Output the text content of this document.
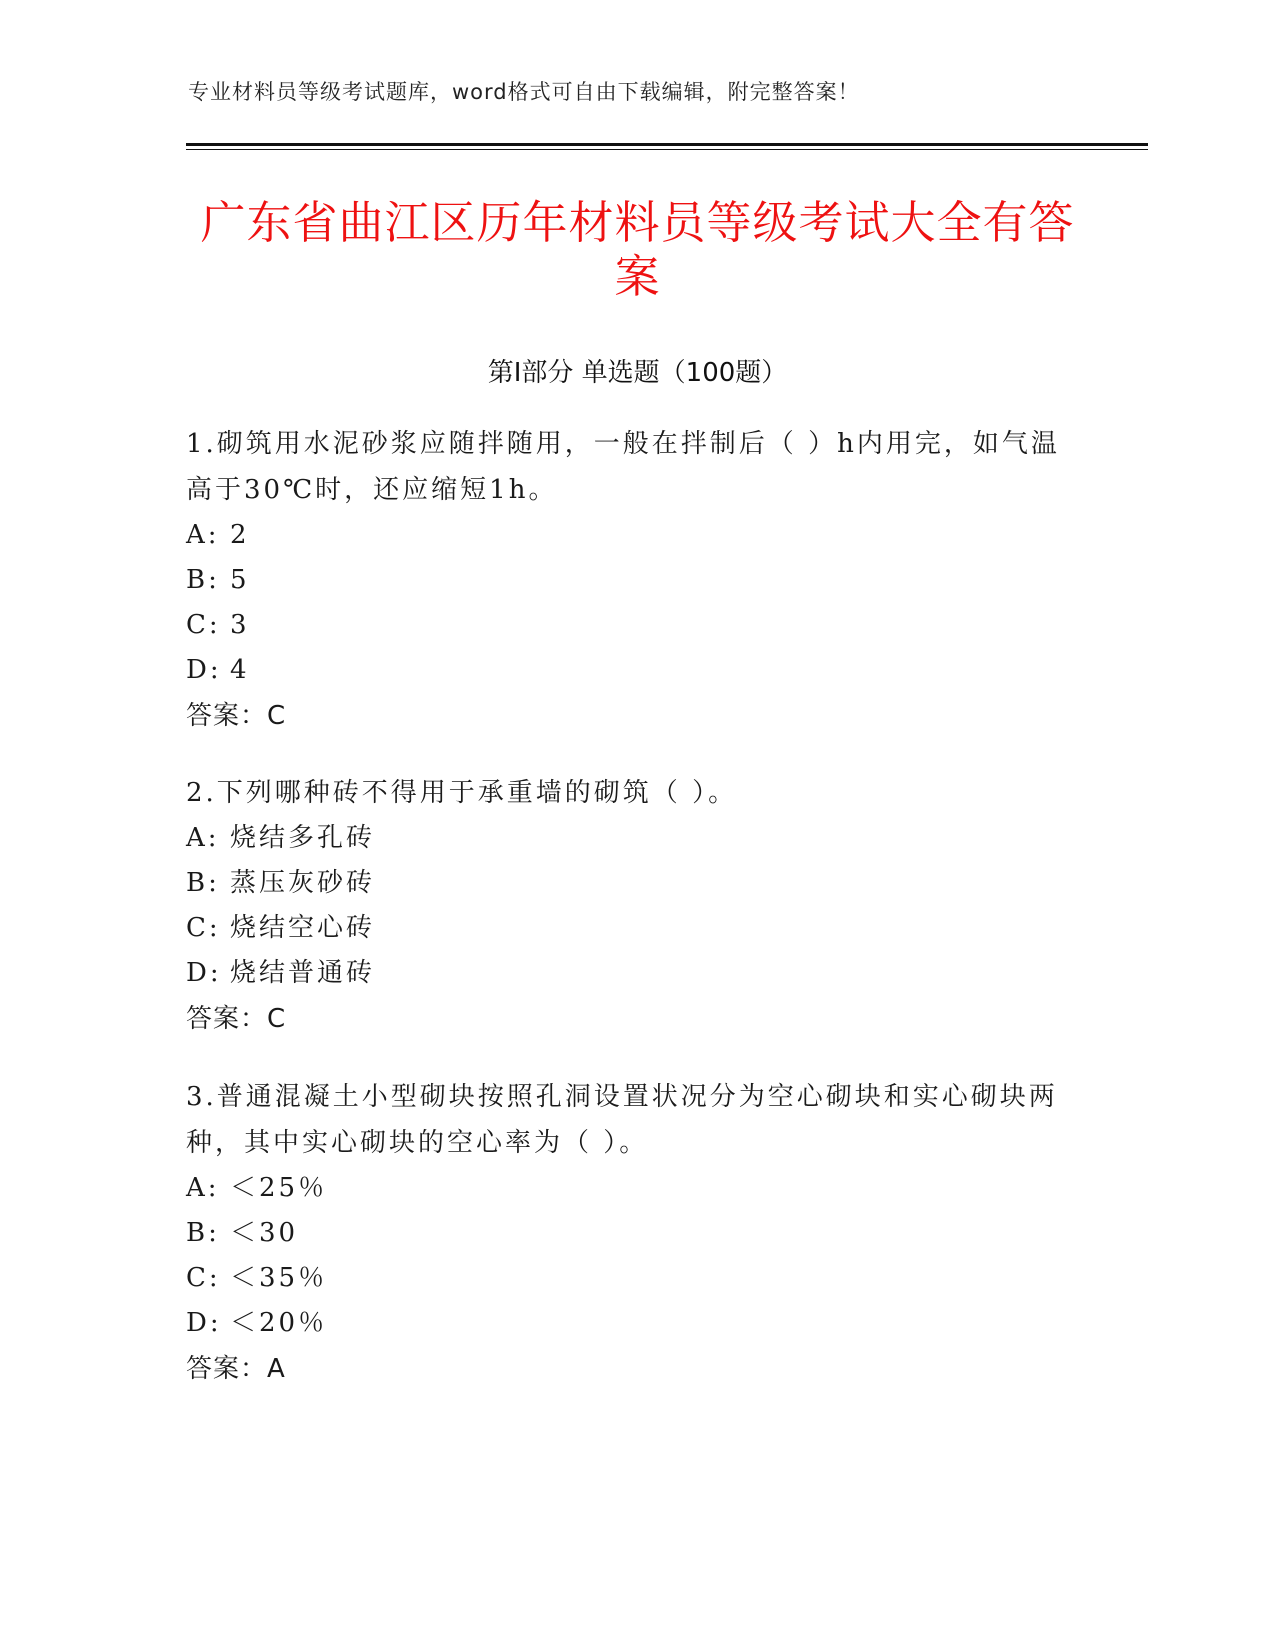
专业材料员等级考试题库，word格式可自由下载编辑，附完整答案！
广东省曲江区历年材料员等级考试大全有答案
第Ⅰ部分 单选题（100题）

1.砌筑用水泥砂浆应随拌随用，一般在拌制后（ ）h内用完，如气温高于30℃时，还应缩短1h。

A: 2

B: 5

C: 3

D: 4

答案：C

2.下列哪种砖不得用于承重墙的砌筑（ ）。

A: 烧结多孔砖

B: 蒸压灰砂砖

C: 烧结空心砖

D: 烧结普通砖

答案：C

3.普通混凝土小型砌块按照孔洞设置状况分为空心砌块和实心砌块两种，其中实心砌块的空心率为（ ）。

A: ＜25％

B: ＜30

C: ＜35％

D: ＜20％

答案：A
